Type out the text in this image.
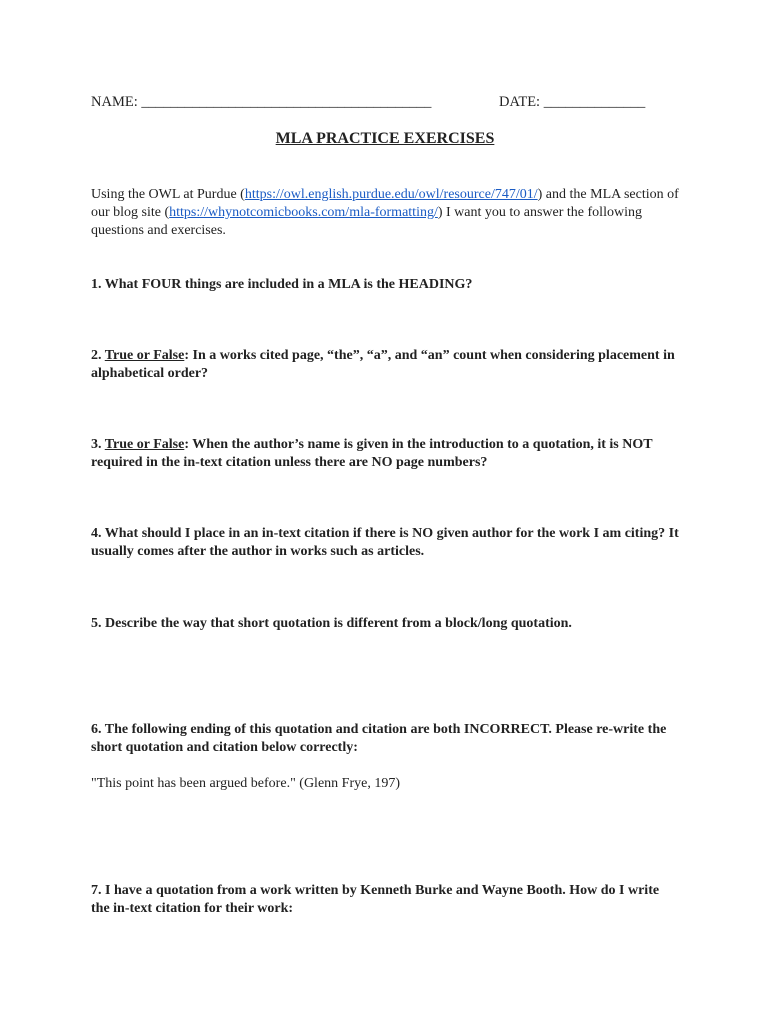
NAME: ________________________________________	DATE: ______________

MLA PRACTICE EXERCISES

Using the OWL at Purdue (https://owl.english.purdue.edu/owl/resource/747/01/) and the MLA section of our blog site (https://whynotcomicbooks.com/mla-formatting/) I want you to answer the following questions and exercises.

1. What FOUR things are included in a MLA is the HEADING?

2. True or False: In a works cited page, “the”, “a”, and “an” count when considering placement in alphabetical order?

3. True or False: When the author’s name is given in the introduction to a quotation, it is NOT required in the in-text citation unless there are NO page numbers?

4. What should I place in an in-text citation if there is NO given author for the work I am citing? It usually comes after the author in works such as articles.

5. Describe the way that short quotation is different from a block/long quotation.

6. The following ending of this quotation and citation are both INCORRECT. Please re-write the short quotation and citation below correctly:

"This point has been argued before." (Glenn Frye, 197)

7. I have a quotation from a work written by Kenneth Burke and Wayne Booth. How do I write the in-text citation for their work:
